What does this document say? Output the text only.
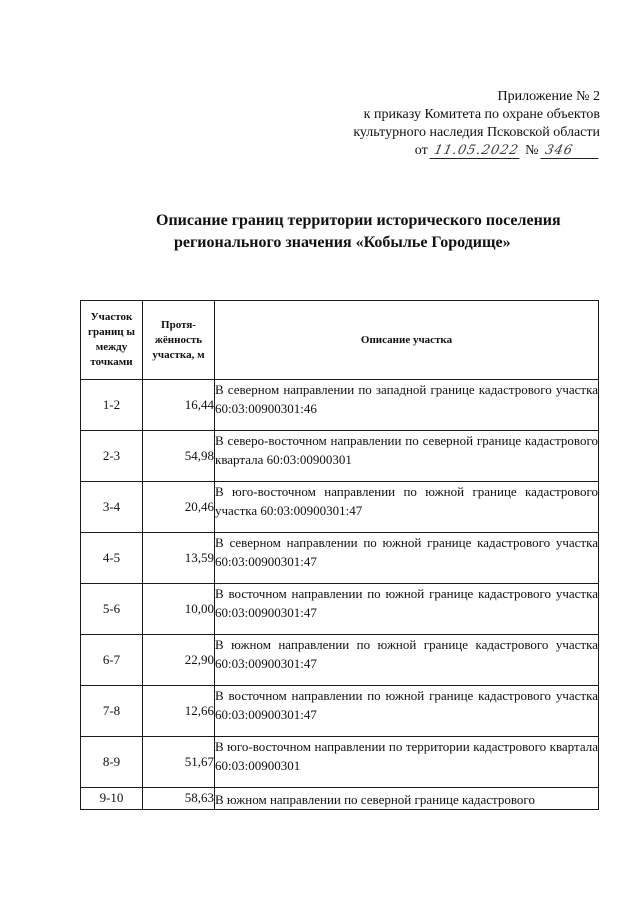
Приложение № 2
к приказу Комитета по охране объектов
культурного наследия Псковской области
от 11.05.2022 № 346
Описание границ территории исторического поселения
регионального значения «Кобылье Городище»
Участок границ ы между точками	Протя- жённость участка, м	Описание участка
1-2	16,44	В северном направлении по западной границе кадастрового участка 60:03:00900301:46
2-3	54,98	В северо-восточном направлении по северной границе кадастрового квартала 60:03:00900301
3-4	20,46	В юго-восточном направлении по южной границе кадастрового участка 60:03:00900301:47
4-5	13,59	В северном направлении по южной границе кадастрового участка 60:03:00900301:47
5-6	10,00	В восточном направлении по южной границе кадастрового участка 60:03:00900301:47
6-7	22,90	В южном направлении по южной границе кадастрового участка 60:03:00900301:47
7-8	12,66	В восточном направлении по южной границе кадастрового участка 60:03:00900301:47
8-9	51,67	В юго-восточном направлении по территории кадастрового квартала 60:03:00900301
9-10	58,63	В южном направлении по северной границе кадастрового
